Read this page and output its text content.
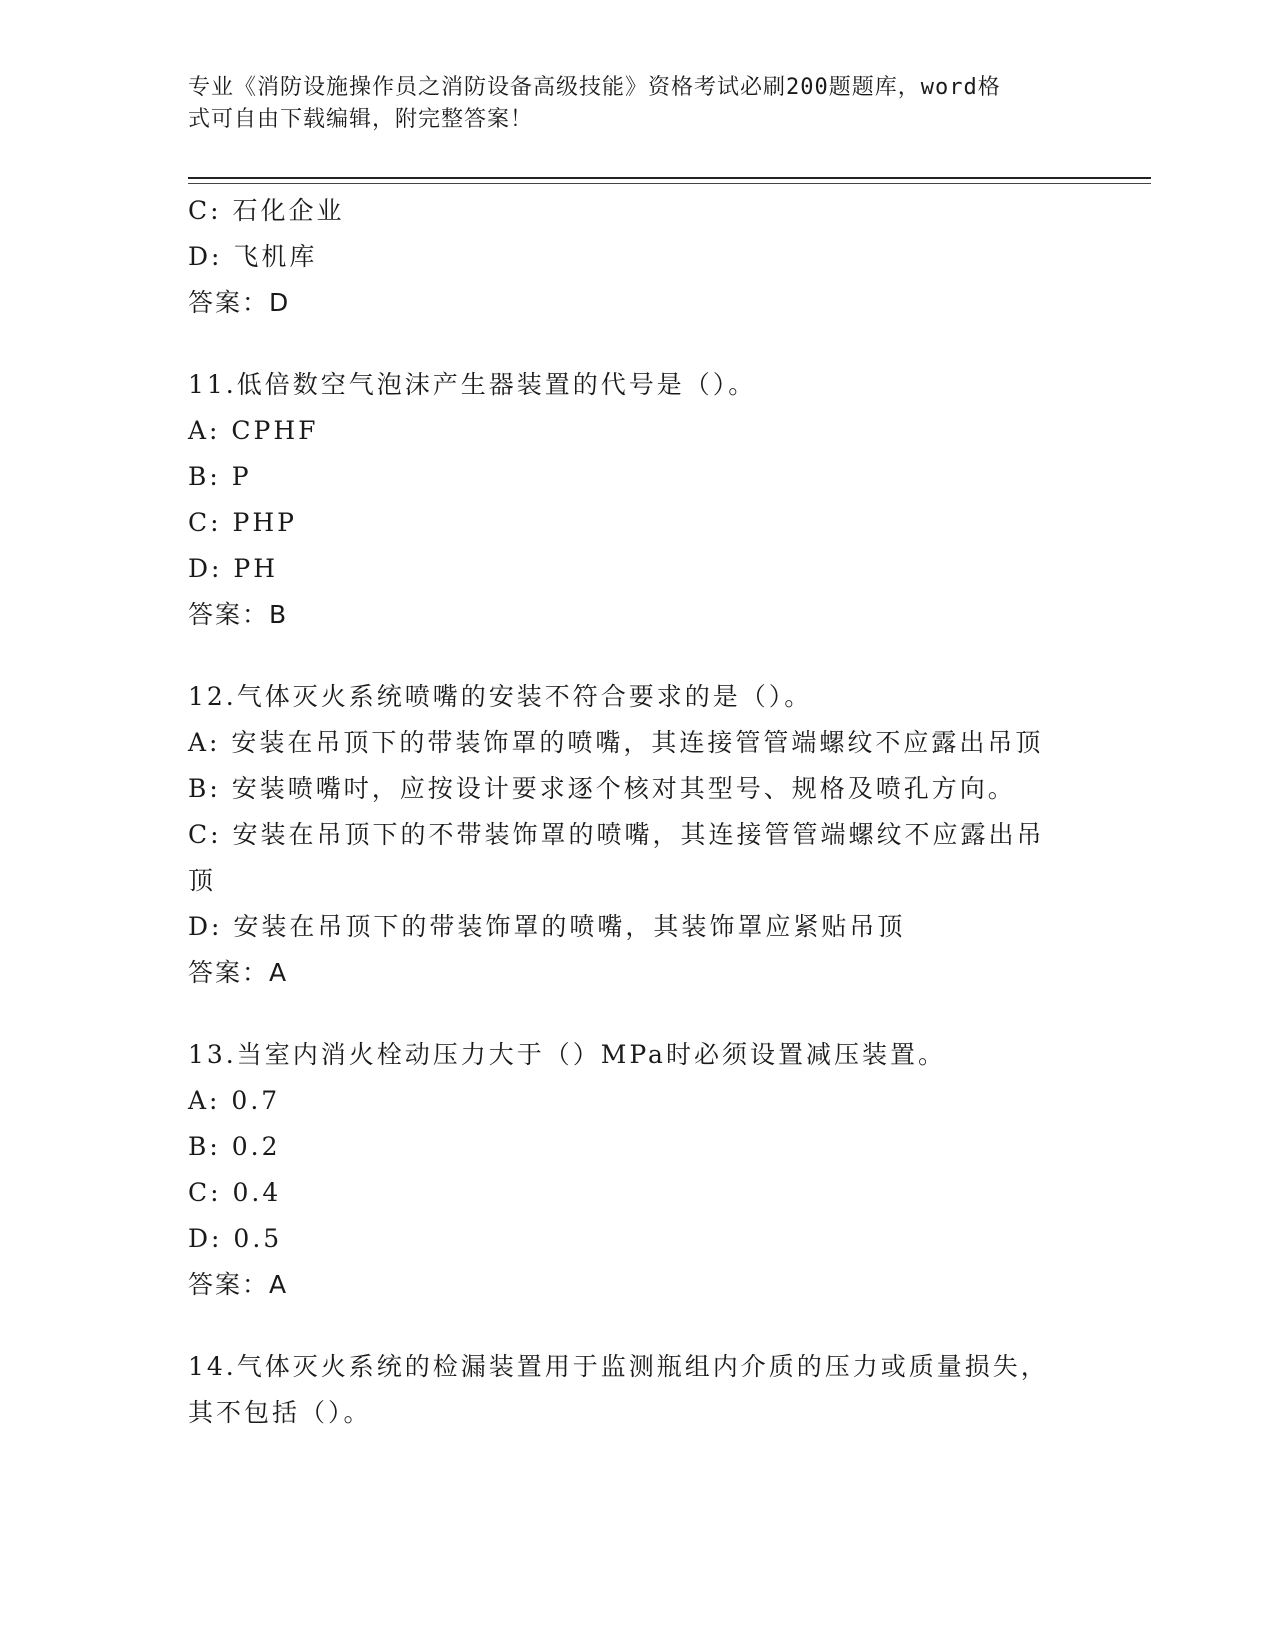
专业《消防设施操作员之消防设备高级技能》资格考试必刷200题题库，word格
式可自由下载编辑，附完整答案！
C: 石化企业
D: 飞机库
答案：D
11.低倍数空气泡沫产生器装置的代号是（）。
A: CPHF
B: P
C: PHP
D: PH
答案：B
12.气体灭火系统喷嘴的安装不符合要求的是（）。
A: 安装在吊顶下的带装饰罩的喷嘴，其连接管管端螺纹不应露出吊顶
B: 安装喷嘴吋，应按设计要求逐个核对其型号、规格及喷孔方向。
C: 安装在吊顶下的不带装饰罩的喷嘴，其连接管管端螺纹不应露出吊
顶
D: 安装在吊顶下的带装饰罩的喷嘴，其装饰罩应紧贴吊顶
答案：A
13.当室内消火栓动压力大于（）MPa时必须设置减压装置。
A: 0.7
B: 0.2
C: 0.4
D: 0.5
答案：A
14.气体灭火系统的检漏装置用于监测瓶组内介质的压力或质量损失，
其不包括（）。
